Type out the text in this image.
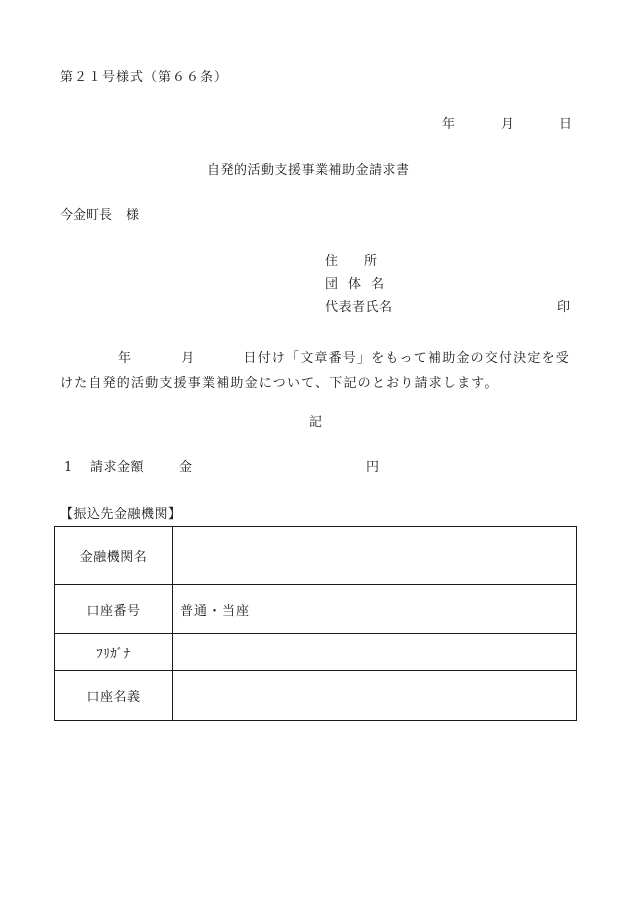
第２１号様式（第６６条）
年	月	日
自発的活動支援事業補助金請求書
今金町長 様
住所
団体名
代表者氏名	印
年	月	日付け「文章番号」をもって補助金の交付決定を受けた自発的活動支援事業補助金について、下記のとおり請求します。
記
1 請求金額	金	円
【振込先金融機関】
金融機関名	
口座番号	普通・当座
ﾌﾘｶﾞﾅ	
口座名義	
